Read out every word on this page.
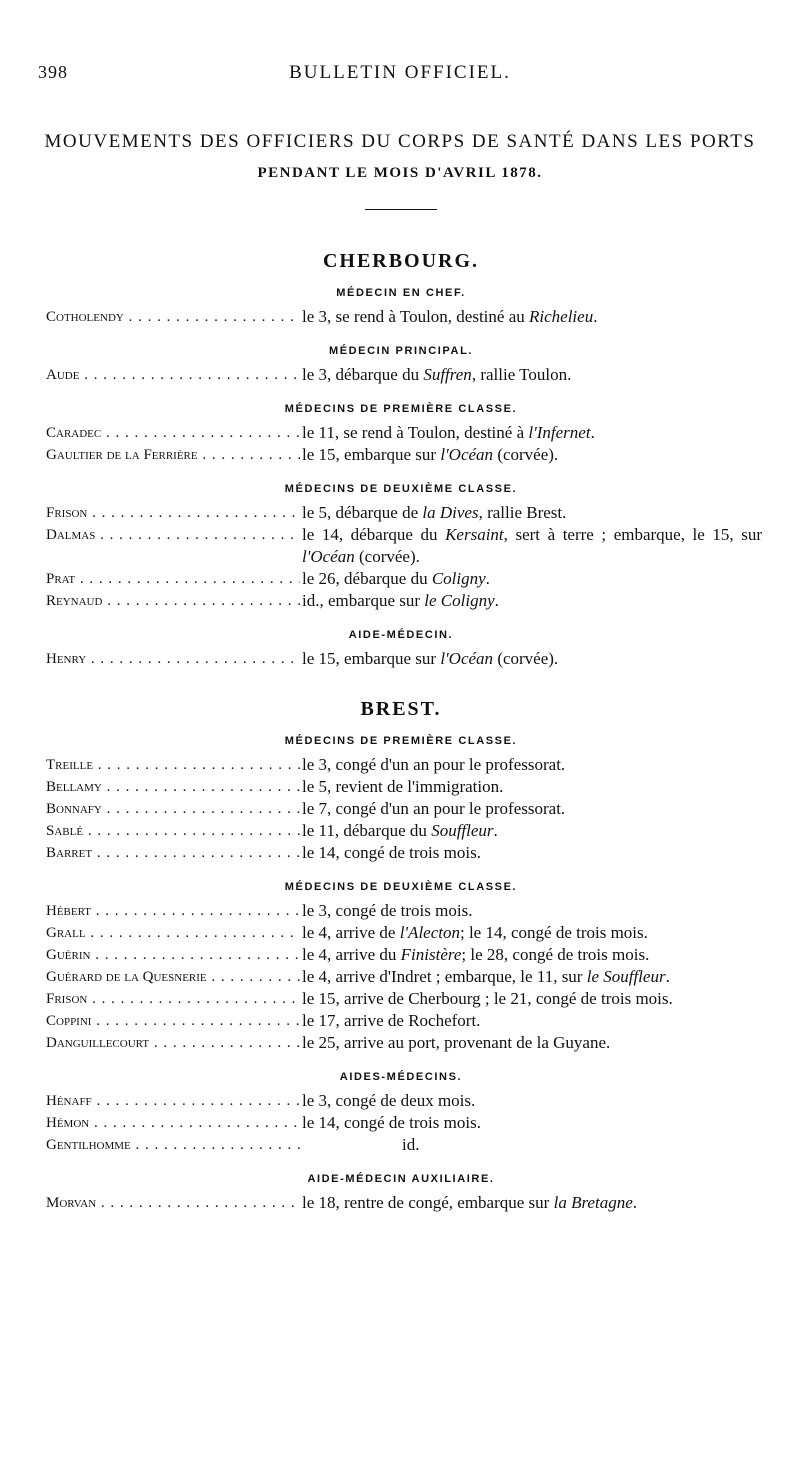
398	BULLETIN OFFICIEL.
MOUVEMENTS DES OFFICIERS DU CORPS DE SANTÉ DANS LES PORTS
PENDANT LE MOIS D'AVRIL 1878.
CHERBOURG.
MÉDECIN EN CHEF.
Cotholendy . . .	le 3, se rend à Toulon, destiné au Richelieu.
MÉDECIN PRINCIPAL.
Aude . . .	le 3, débarque du Suffren, rallie Toulon.
MÉDECINS DE PREMIÈRE CLASSE.
Caradec . . .	le 11, se rend à Toulon, destiné à l'Infernet.
Gaultier de la Ferrière . . .	le 15, embarque sur l'Océan (corvée).
MÉDECINS DE DEUXIÈME CLASSE.
Frison . . .	le 5, débarque de la Dives, rallie Brest.
Dalmas . . .	le 14, débarque du Kersaint, sert à terre ; embarque, le 15, sur l'Océan (corvée).
Prat . . .	le 26, débarque du Coligny.
Reynaud . . .	id., embarque sur le Coligny.
AIDE-MÉDECIN.
Henry . . .	le 15, embarque sur l'Océan (corvée).
BREST.
MÉDECINS DE PREMIÈRE CLASSE.
Treille . . .	le 3, congé d'un an pour le professorat.
Bellamy . . .	le 5, revient de l'immigration.
Bonnafy . . .	le 7, congé d'un an pour le professorat.
Sablé . . .	le 11, débarque du Souffleur.
Barret . . .	le 14, congé de trois mois.
MÉDECINS DE DEUXIÈME CLASSE.
Hébert . . .	le 3, congé de trois mois.
Grall . . .	le 4, arrive de l'Alecton; le 14, congé de trois mois.
Guérin . . .	le 4, arrive du Finistère; le 28, congé de trois mois.
Guérard de la Quesnerie . . .	le 4, arrive d'Indret ; embarque, le 11, sur le Souffleur.
Frison . . .	le 15, arrive de Cherbourg ; le 21, congé de trois mois.
Coppini . . .	le 17, arrive de Rochefort.
Danguillecourt . . .	le 25, arrive au port, provenant de la Guyane.
AIDES-MÉDECINS.
Hénaff . . .	le 3, congé de deux mois.
Hémon . . .	le 14, congé de trois mois.
Gentilhomme . . .	id.
AIDE-MÉDECIN AUXILIAIRE.
Morvan . . .	le 18, rentre de congé, embarque sur la Bretagne.
